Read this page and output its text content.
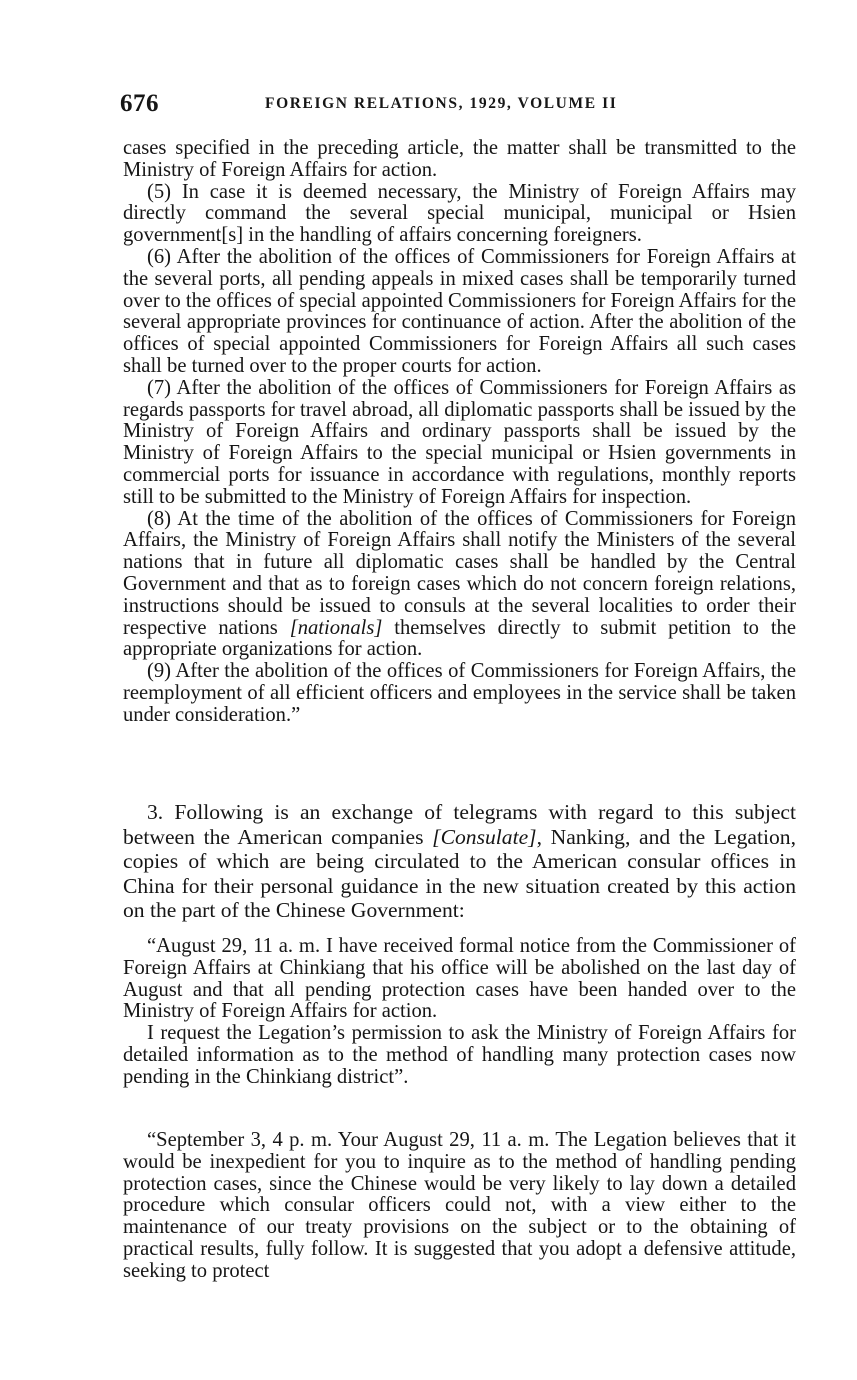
676	FOREIGN RELATIONS, 1929, VOLUME II

cases specified in the preceding article, the matter shall be transmitted to the Ministry of Foreign Affairs for action.

(5) In case it is deemed necessary, the Ministry of Foreign Affairs may directly command the several special municipal, municipal or Hsien government[s] in the handling of affairs concerning foreigners.

(6) After the abolition of the offices of Commissioners for Foreign Affairs at the several ports, all pending appeals in mixed cases shall be temporarily turned over to the offices of special appointed Commissioners for Foreign Affairs for the several appropriate provinces for continuance of action. After the abolition of the offices of special appointed Commissioners for Foreign Affairs all such cases shall be turned over to the proper courts for action.

(7) After the abolition of the offices of Commissioners for Foreign Affairs as regards passports for travel abroad, all diplomatic passports shall be issued by the Ministry of Foreign Affairs and ordinary passports shall be issued by the Ministry of Foreign Affairs to the special municipal or Hsien governments in commercial ports for issuance in accordance with regulations, monthly reports still to be submitted to the Ministry of Foreign Affairs for inspection.

(8) At the time of the abolition of the offices of Commissioners for Foreign Affairs, the Ministry of Foreign Affairs shall notify the Ministers of the several nations that in future all diplomatic cases shall be handled by the Central Government and that as to foreign cases which do not concern foreign relations, instructions should be issued to consuls at the several localities to order their respective nations [nationals] themselves directly to submit petition to the appropriate organizations for action.

(9) After the abolition of the offices of Commissioners for Foreign Affairs, the reemployment of all efficient officers and employees in the service shall be taken under consideration.”

3. Following is an exchange of telegrams with regard to this subject between the American companies [Consulate], Nanking, and the Legation, copies of which are being circulated to the American consular offices in China for their personal guidance in the new situation created by this action on the part of the Chinese Government:

“August 29, 11 a. m. I have received formal notice from the Commissioner of Foreign Affairs at Chinkiang that his office will be abolished on the last day of August and that all pending protection cases have been handed over to the Ministry of Foreign Affairs for action.

I request the Legation’s permission to ask the Ministry of Foreign Affairs for detailed information as to the method of handling many protection cases now pending in the Chinkiang district”.

“September 3, 4 p. m. Your August 29, 11 a. m. The Legation believes that it would be inexpedient for you to inquire as to the method of handling pending protection cases, since the Chinese would be very likely to lay down a detailed procedure which consular officers could not, with a view either to the maintenance of our treaty provisions on the subject or to the obtaining of practical results, fully follow. It is suggested that you adopt a defensive attitude, seeking to protect
